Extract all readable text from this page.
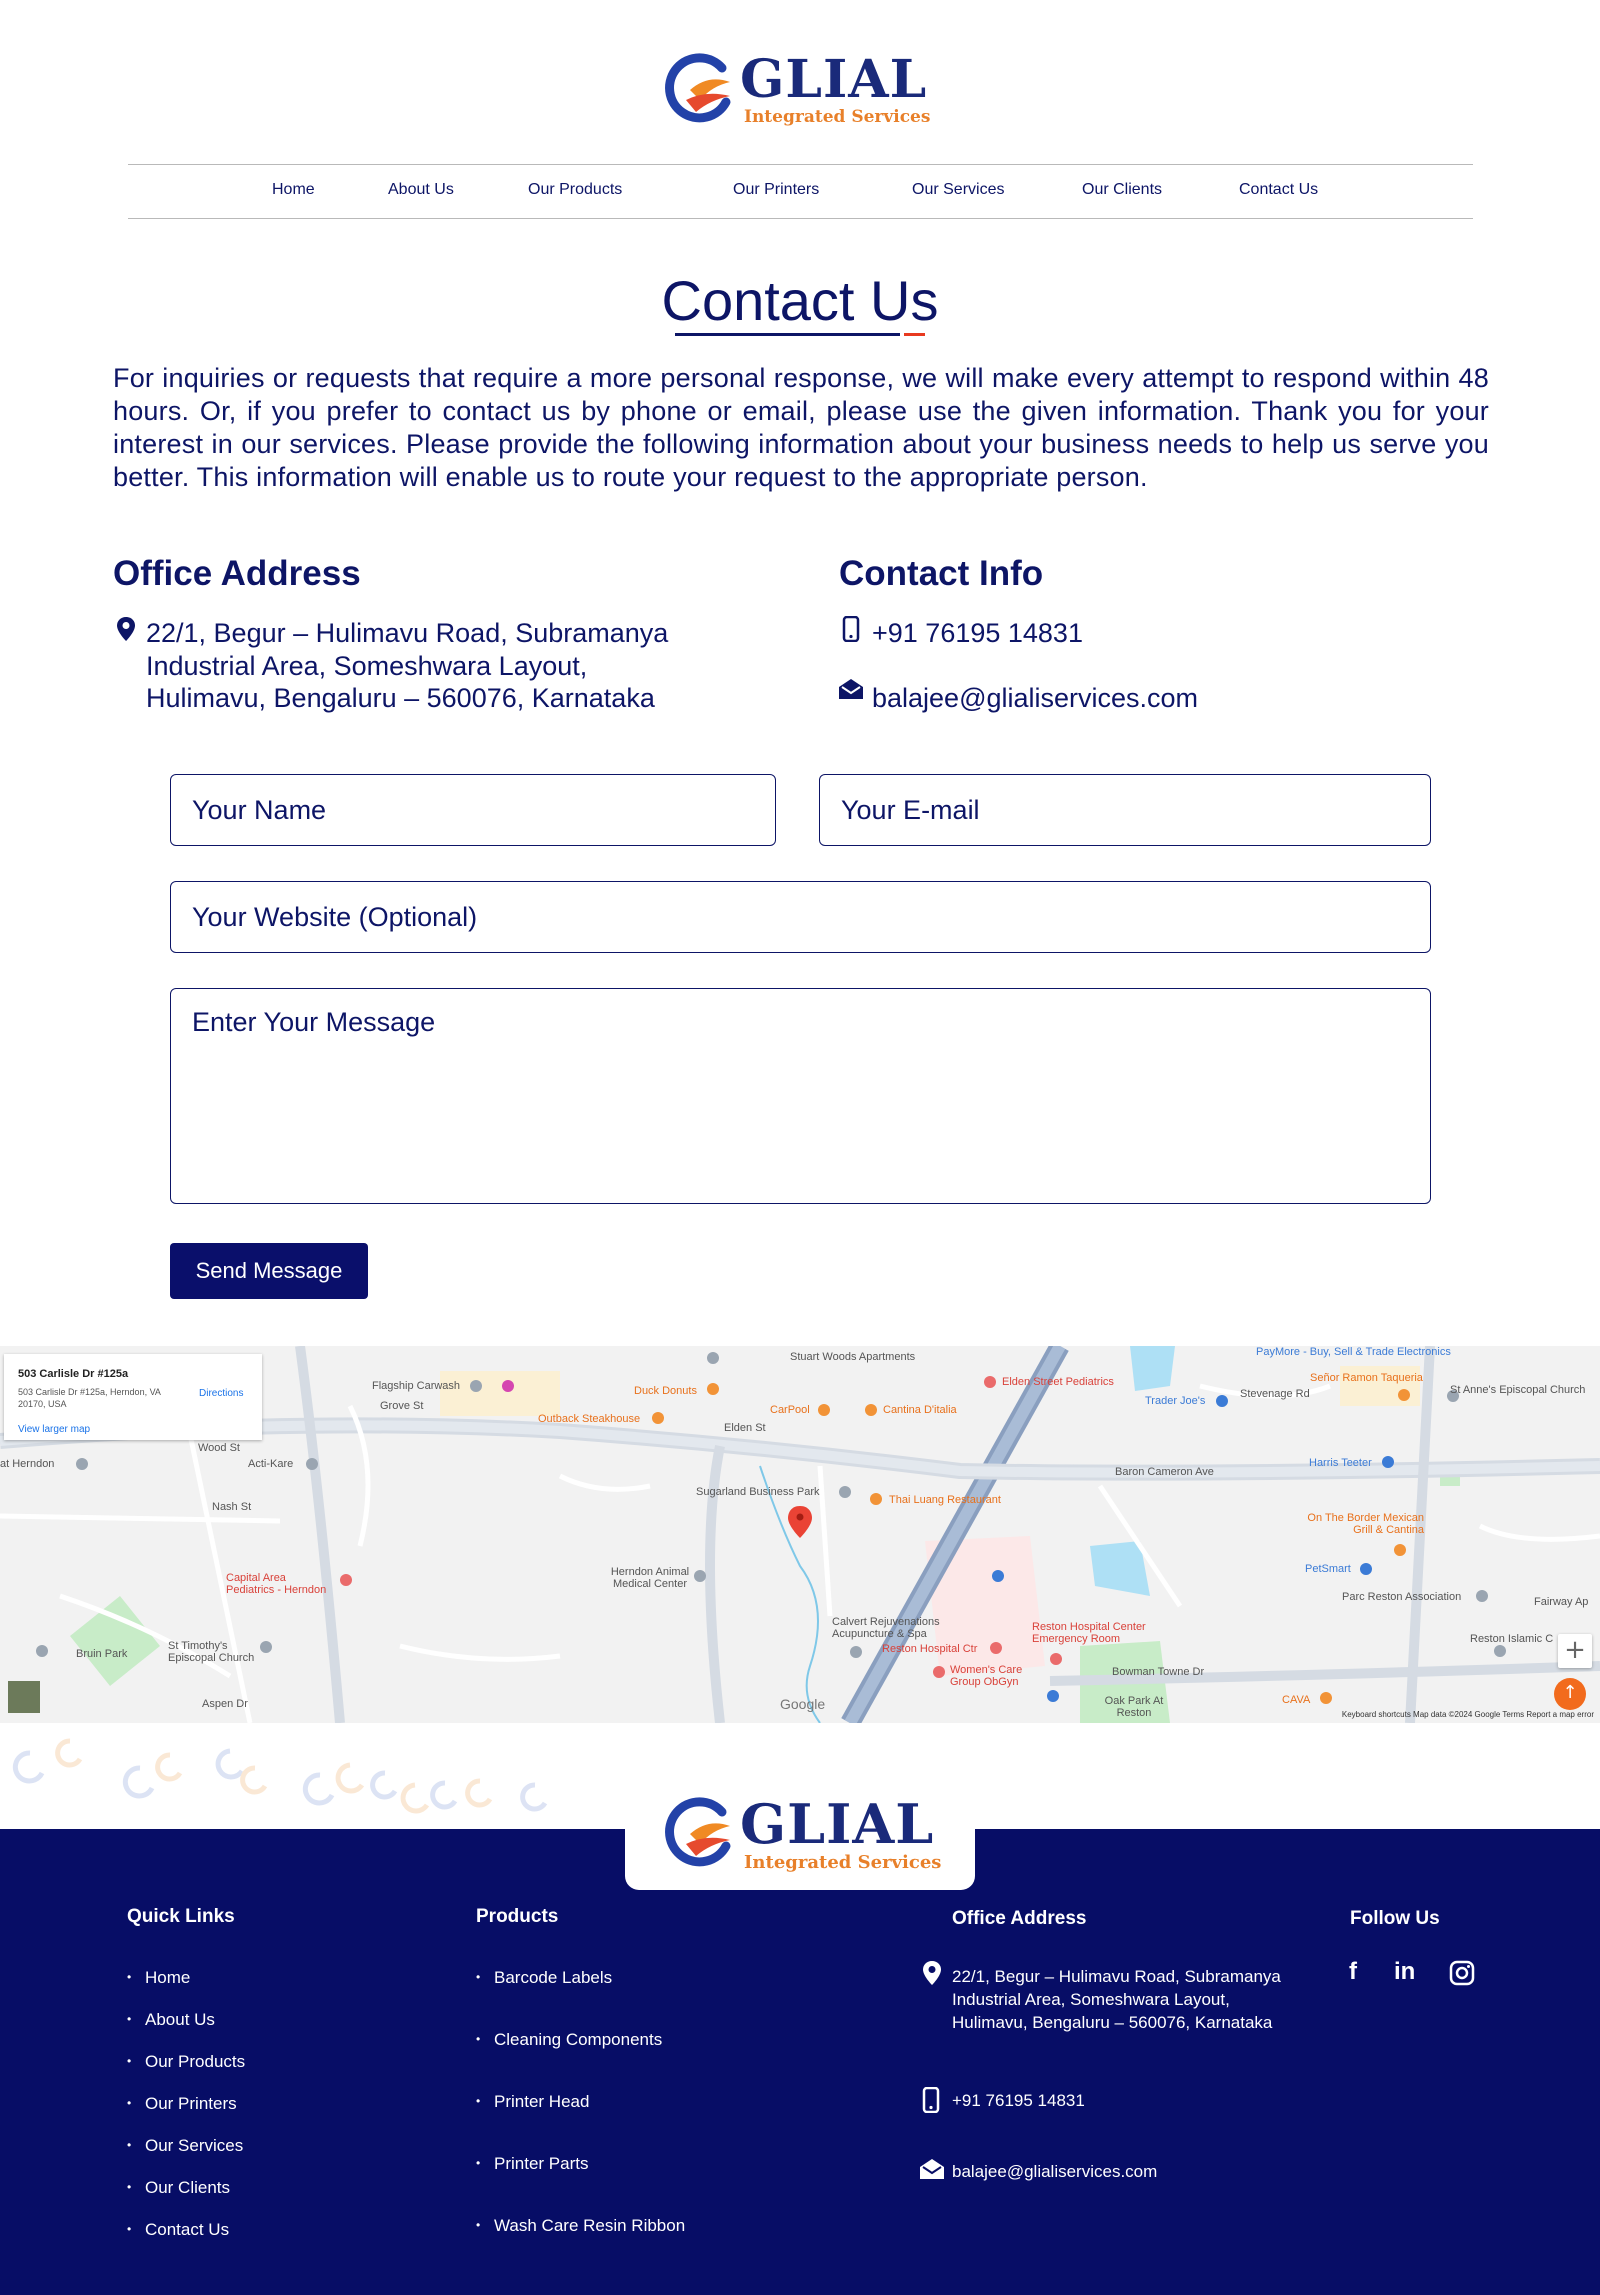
GLIAL
Integrated Services
Home	About Us	Our Products	Our Printers	Our Services	Our Clients	Contact Us
Contact Us

For inquiries or requests that require a more personal response, we will make every attempt to respond within 48 hours. Or, if you prefer to contact us by phone or email, please use the given information. Thank you for your interest in our services. Please provide the following information about your business needs to help us serve you better. This information will enable us to route your request to the appropriate person.

Office Address
22/1, Begur – Hulimavu Road, Subramanya
Industrial Area, Someshwara Layout,
Hulimavu, Bengaluru – 560076, Karnataka
Contact Info
+91 76195 14831
balajee@glialiservices.com
Your Name
Your E-mail
Your Website (Optional)
Enter Your Message
Send Message
503 Carlisle Dr #125a
503 Carlisle Dr #125a, Herndon, VA 20170, USA
View larger map
Directions
Stuart Woods Apartments
Flagship Carwash
Grove St
Duck Donuts
CarPool	Cantina D'italia
Elden Street Pediatrics
Outback Steakhouse
Elden St
Trader Joe's
PayMore - Buy, Sell & Trade Electronics
Señor Ramon Taqueria
Stevenage Rd	St Anne's Episcopal Church
Wood St
Acti-Kare
at Herndon
Sugarland Business Park
Thai Luang Restaurant
Baron Cameron Ave
Harris Teeter
Nash St
Capital Area Pediatrics - Herndon
Herndon Animal Medical Center
On The Border Mexican Grill & Cantina
PetSmart
Parc Reston Association
Calvert Rejuvenations Acupuncture & Spa
Reston Hospital Center Emergency Room
Reston Hospital Ctr
Women's Care Group ObGyn
Bowman Towne Dr
Bruin Park
St Timothy's Episcopal Church
Aspen Dr	Oak Park At Reston
CAVA
Reston Islamic C
Fairway Ap
Google
+
↑
Keyboard shortcuts Map data ©2024 Google Terms Report a map error
GLIAL
Integrated Services
Quick Links
• Home
• About Us
• Our Products
• Our Printers
• Our Services
• Our Clients
• Contact Us
Products
• Barcode Labels
• Cleaning Components
• Printer Head
• Printer Parts
• Wash Care Resin Ribbon
Office Address
22/1, Begur – Hulimavu Road, Subramanya
Industrial Area, Someshwara Layout,
Hulimavu, Bengaluru – 560076, Karnataka
+91 76195 14831
balajee@glialiservices.com
Follow Us
f in
